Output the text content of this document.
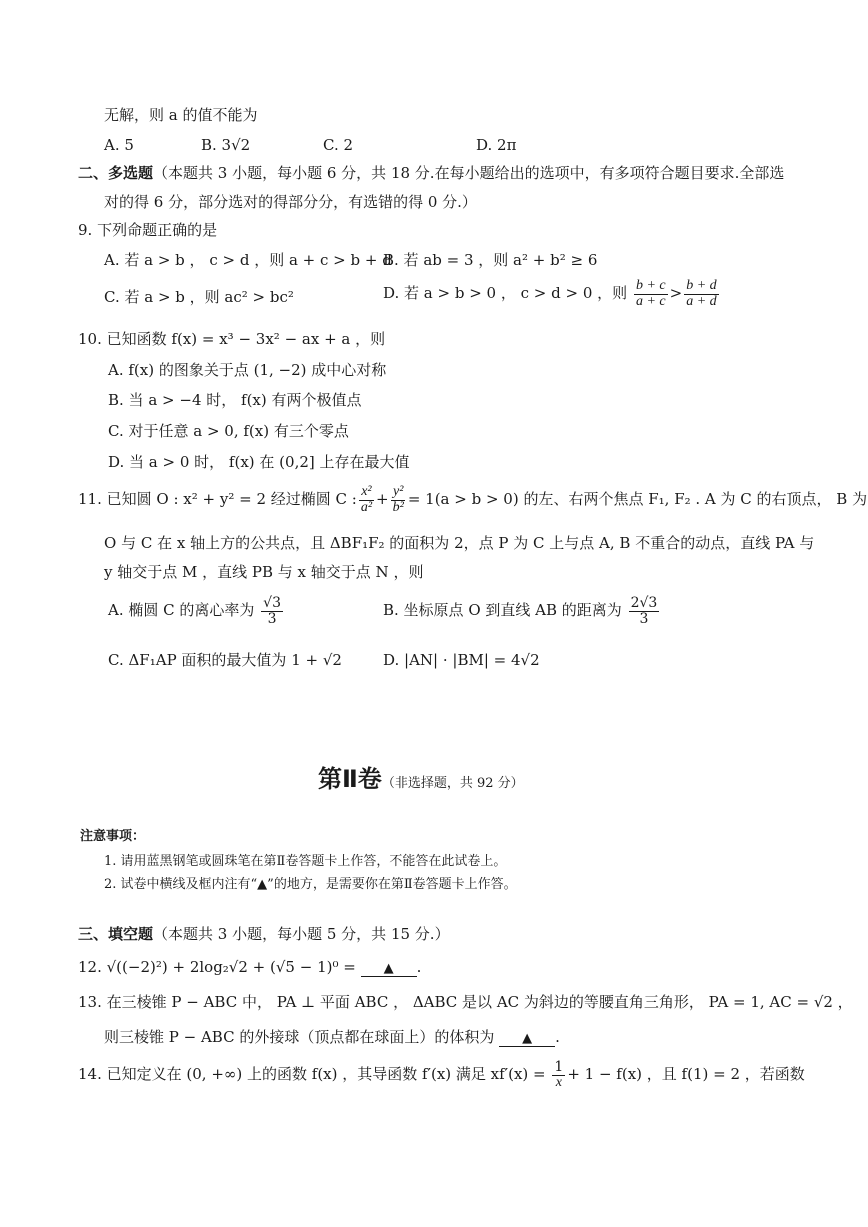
无解，则 a 的值不能为
A. 5	B. 3√2	C. 2	D. 2π
二、多选题（本题共 3 小题，每小题 6 分，共 18 分.在每小题给出的选项中，有多项符合题目要求.全部选
对的得 6 分，部分选对的得部分分，有选错的得 0 分.）
9. 下列命题正确的是
A. 若 a > b ， c > d ，则 a + c > b + d
B. 若 ab = 3 ，则 a² + b² ≥ 6
C. 若 a > b ，则 ac² > bc²	D. 若 a > b > 0 ， c > d > 0 ，则 $\frac{b + c}{a + c} > \frac{b + d}{a + d}$
10. 已知函数 f(x) = x³ − 3x² − ax + a ，则
A. f(x) 的图象关于点 (1, −2) 成中心对称
B. 当 a > −4 时， f(x) 有两个极值点
C. 对于任意 a > 0, f(x) 有三个零点
D. 当 a > 0 时， f(x) 在 (0,2] 上存在最大值
11. 已知圆 O : x² + y² = 2 经过椭圆 C : $\frac{\text{x²}}{\text{a²}} + \frac{\text{y²}}{\text{b²}} = 1(a > b > 0)$ 的左、右两个焦点 F₁, F₂ . A 为 C 的右顶点， B 为
O 与 C 在 x 轴上方的公共点，且 ΔBF₁F₂ 的面积为 2，点 P 为 C 上与点 A, B 不重合的动点，直线 PA 与
y 轴交于点 M ，直线 PB 与 x 轴交于点 N ，则
A. 椭圆 C 的离心率为 $\frac{√3}{3}$	B. 坐标原点 O 到直线 AB 的距离为 $\frac{2√3}{3}$
C. ΔF₁AP 面积的最大值为 1 + √2	D. |AN| · |BM| = 4√2
第Ⅱ卷（非选择题，共 92 分）
注意事项：
1. 请用蓝黑钢笔或圆珠笔在第Ⅱ卷答题卡上作答，不能答在此试卷上。
2. 试卷中横线及框内注有“▲”的地方，是需要你在第Ⅱ卷答题卡上作答。
三、填空题（本题共 3 小题，每小题 5 分，共 15 分.）
12. √((−2)²) + 2log₂√2 + (√5 − 1)⁰ = ▲ .
13. 在三棱锥 P − ABC 中， PA ⊥ 平面 ABC ， ΔABC 是以 AC 为斜边的等腰直角三角形， PA = 1, AC = √2 ，
则三棱锥 P − ABC 的外接球（顶点都在球面上）的体积为 ▲ .
14. 已知定义在 (0, +∞) 上的函数 f(x) ，其导函数 f′(x) 满足 $xf'(x) = \frac{1}{x} + 1 - f(x)$ ，且 f(1) = 2 ，若函数
